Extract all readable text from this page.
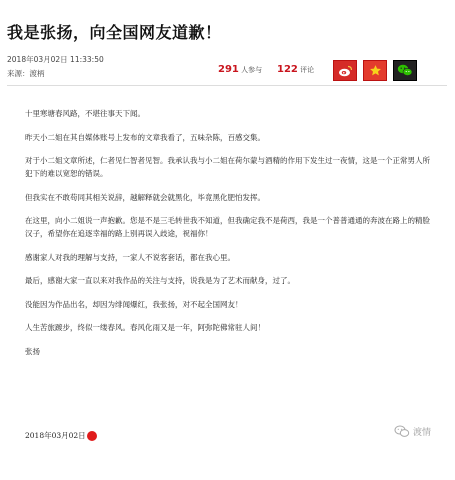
我是张扬，向全国网友道歉！
2018年03月02日 11:33:50
来源：渡柄	291 人参与 122 评论

十里寒塘春风路，不堪往事天下闻。

昨天小二姐在其自媒体账号上发布的文章我看了，五味杂陈，百感交集。

对于小二姐文章所述，仁者见仁智者见智。我承认我与小二姐在荷尔蒙与酒精的作用下发生过一夜情，这是一个正常男人所犯下的难以宽恕的错误。

但我实在不敢苟同其相关说辞，越解释就会就黑化，毕竟黑化肥怕发挥。

在这里，向小二姐说一声抱歉。您是不是三毛转世我不知道，但我确定我不是荷西，我是一个普普通通的奔波在路上的精脸汉子，希望你在追逐幸福的路上别再误入歧途，祝福你！

感谢家人对我的理解与支持，一家人不说客套话，都在我心里。

最后，感谢大家一直以来对我作品的关注与支持，说我是为了艺术而献身，过了。

没能因为作品出名，却因为绯闻爆红，我张扬，对不起全国网友！

人生苦旅踱步，终似一缕春风。春风化雨又是一年，阿弥陀佛常驻人间！

张扬

2018年03月02日	渡情
